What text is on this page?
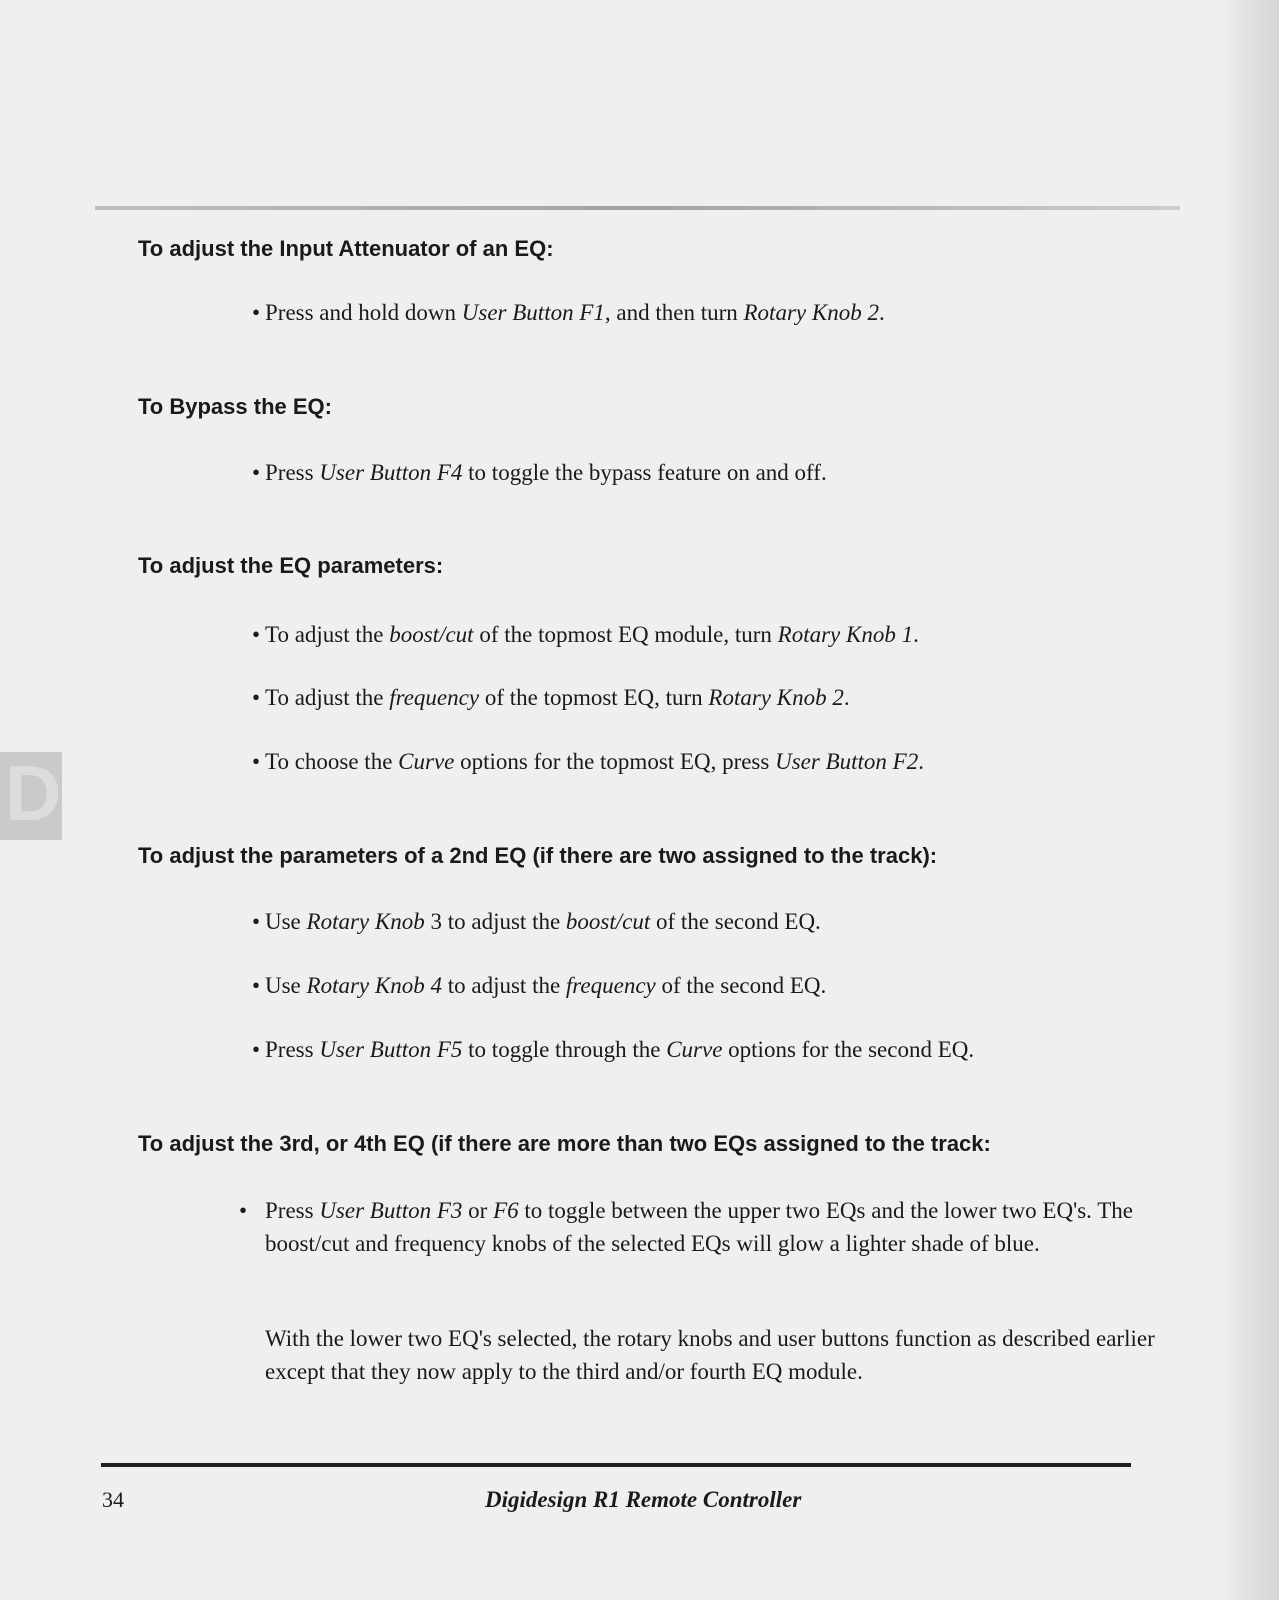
D

To adjust the Input Attenuator of an EQ:

• Press and hold down User Button F1, and then turn Rotary Knob 2.

To Bypass the EQ:

• Press User Button F4 to toggle the bypass feature on and off.

To adjust the EQ parameters:

• To adjust the boost/cut of the topmost EQ module, turn Rotary Knob 1.

• To adjust the frequency of the topmost EQ, turn Rotary Knob 2.

• To choose the Curve options for the topmost EQ, press User Button F2.

To adjust the parameters of a 2nd EQ (if there are two assigned to the track):

• Use Rotary Knob 3 to adjust the boost/cut of the second EQ.

• Use Rotary Knob 4 to adjust the frequency of the second EQ.

• Press User Button F5 to toggle through the Curve options for the second EQ.

To adjust the 3rd, or 4th EQ (if there are more than two EQs assigned to the track:

• Press User Button F3 or F6 to toggle between the upper two EQs and the lower two EQ's. The boost/cut and frequency knobs of the selected EQs will glow a lighter shade of blue.

With the lower two EQ's selected, the rotary knobs and user buttons function as described earlier except that they now apply to the third and/or fourth EQ module.

34	Digidesign R1 Remote Controller
